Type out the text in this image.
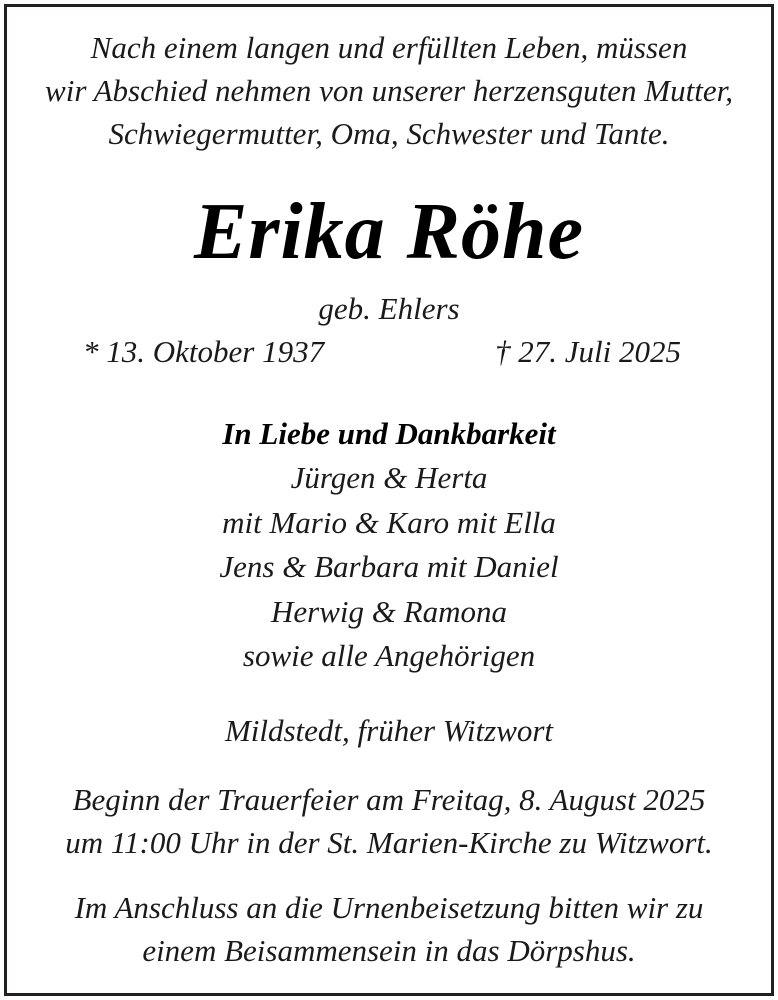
Nach einem langen und erfüllten Leben, müssen
wir Abschied nehmen von unserer herzensguten Mutter,
Schwiegermutter, Oma, Schwester und Tante.
Erika Röhe
geb. Ehlers
* 13. Oktober 1937	† 27. Juli 2025
In Liebe und Dankbarkeit
Jürgen & Herta
mit Mario & Karo mit Ella
Jens & Barbara mit Daniel
Herwig & Ramona
sowie alle Angehörigen
Mildstedt, früher Witzwort
Beginn der Trauerfeier am Freitag, 8. August 2025
um 11:00 Uhr in der St. Marien-Kirche zu Witzwort.
Im Anschluss an die Urnenbeisetzung bitten wir zu
einem Beisammensein in das Dörpshus.
